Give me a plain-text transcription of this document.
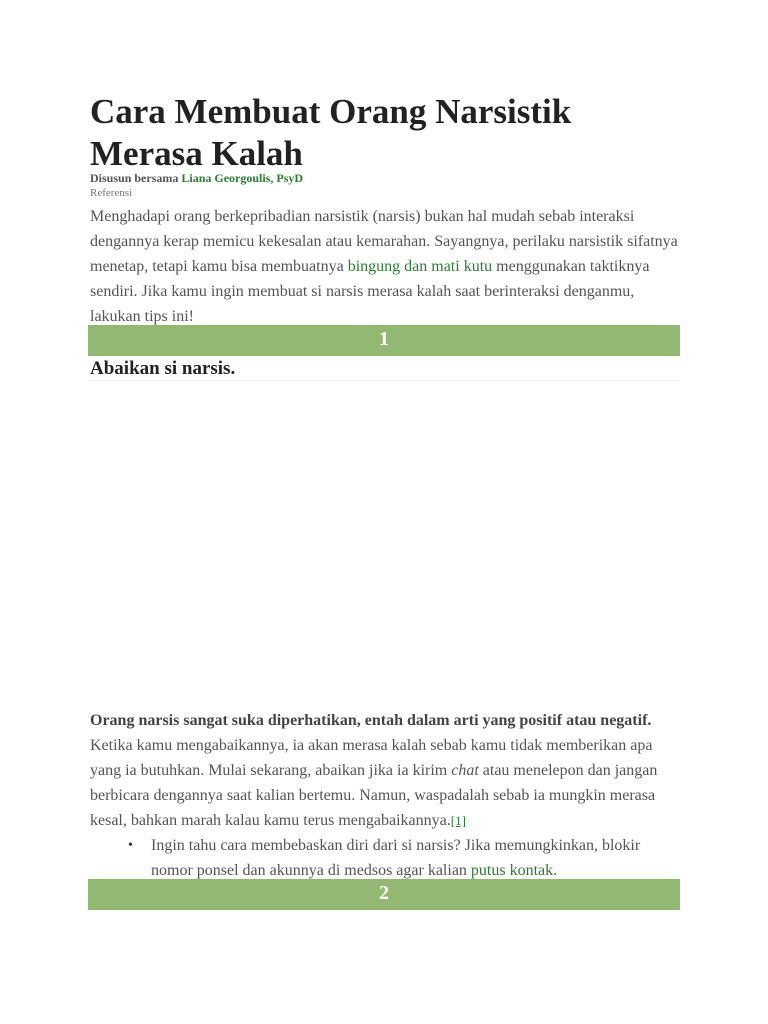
Cara Membuat Orang Narsistik Merasa Kalah
Disusun bersama Liana Georgoulis, PsyD
Referensi

Menghadapi orang berkepribadian narsistik (narsis) bukan hal mudah sebab interaksi dengannya kerap memicu kekesalan atau kemarahan. Sayangnya, perilaku narsistik sifatnya menetap, tetapi kamu bisa membuatnya bingung dan mati kutu menggunakan taktiknya sendiri. Jika kamu ingin membuat si narsis merasa kalah saat berinteraksi denganmu, lakukan tips ini!

1
Abaikan si narsis.

Orang narsis sangat suka diperhatikan, entah dalam arti yang positif atau negatif. Ketika kamu mengabaikannya, ia akan merasa kalah sebab kamu tidak memberikan apa yang ia butuhkan. Mulai sekarang, abaikan jika ia kirim chat atau menelepon dan jangan berbicara dengannya saat kalian bertemu. Namun, waspadalah sebab ia mungkin merasa kesal, bahkan marah kalau kamu terus mengabaikannya.[1]

• Ingin tahu cara membebaskan diri dari si narsis? Jika memungkinkan, blokir nomor ponsel dan akunnya di medsos agar kalian putus kontak.
2
